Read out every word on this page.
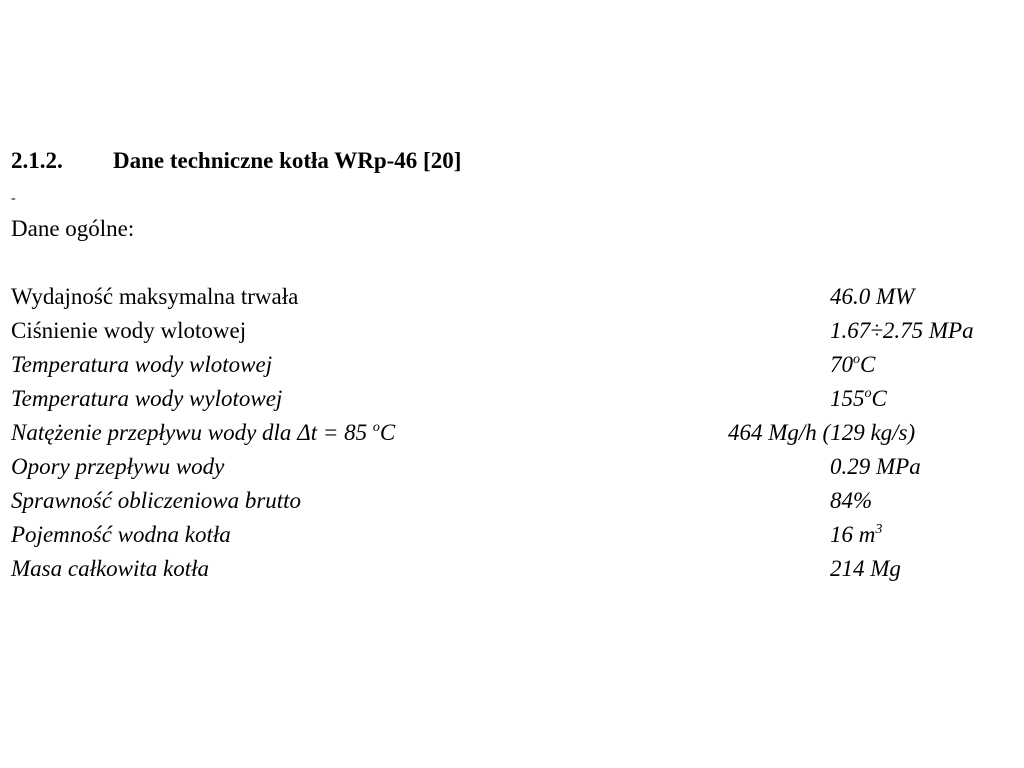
2.1.2. Dane techniczne kotła WRp-46 [20]
-
Dane ogólne:
Wydajność maksymalna trwała	46.0 MW
Ciśnienie wody wlotowej	1.67÷2.75 MPa
Temperatura wody wlotowej	70$^o$C
Temperatura wody wylotowej	155$^o$C
Natężenie przepływu wody dla Δt = 85 $^o$C	464 Mg/h (129 kg/s)
Opory przepływu wody	0.29 MPa
Sprawność obliczeniowa brutto	84%
Pojemność wodna kotła	16 $m^3$
Masa całkowita kotła	214 Mg
